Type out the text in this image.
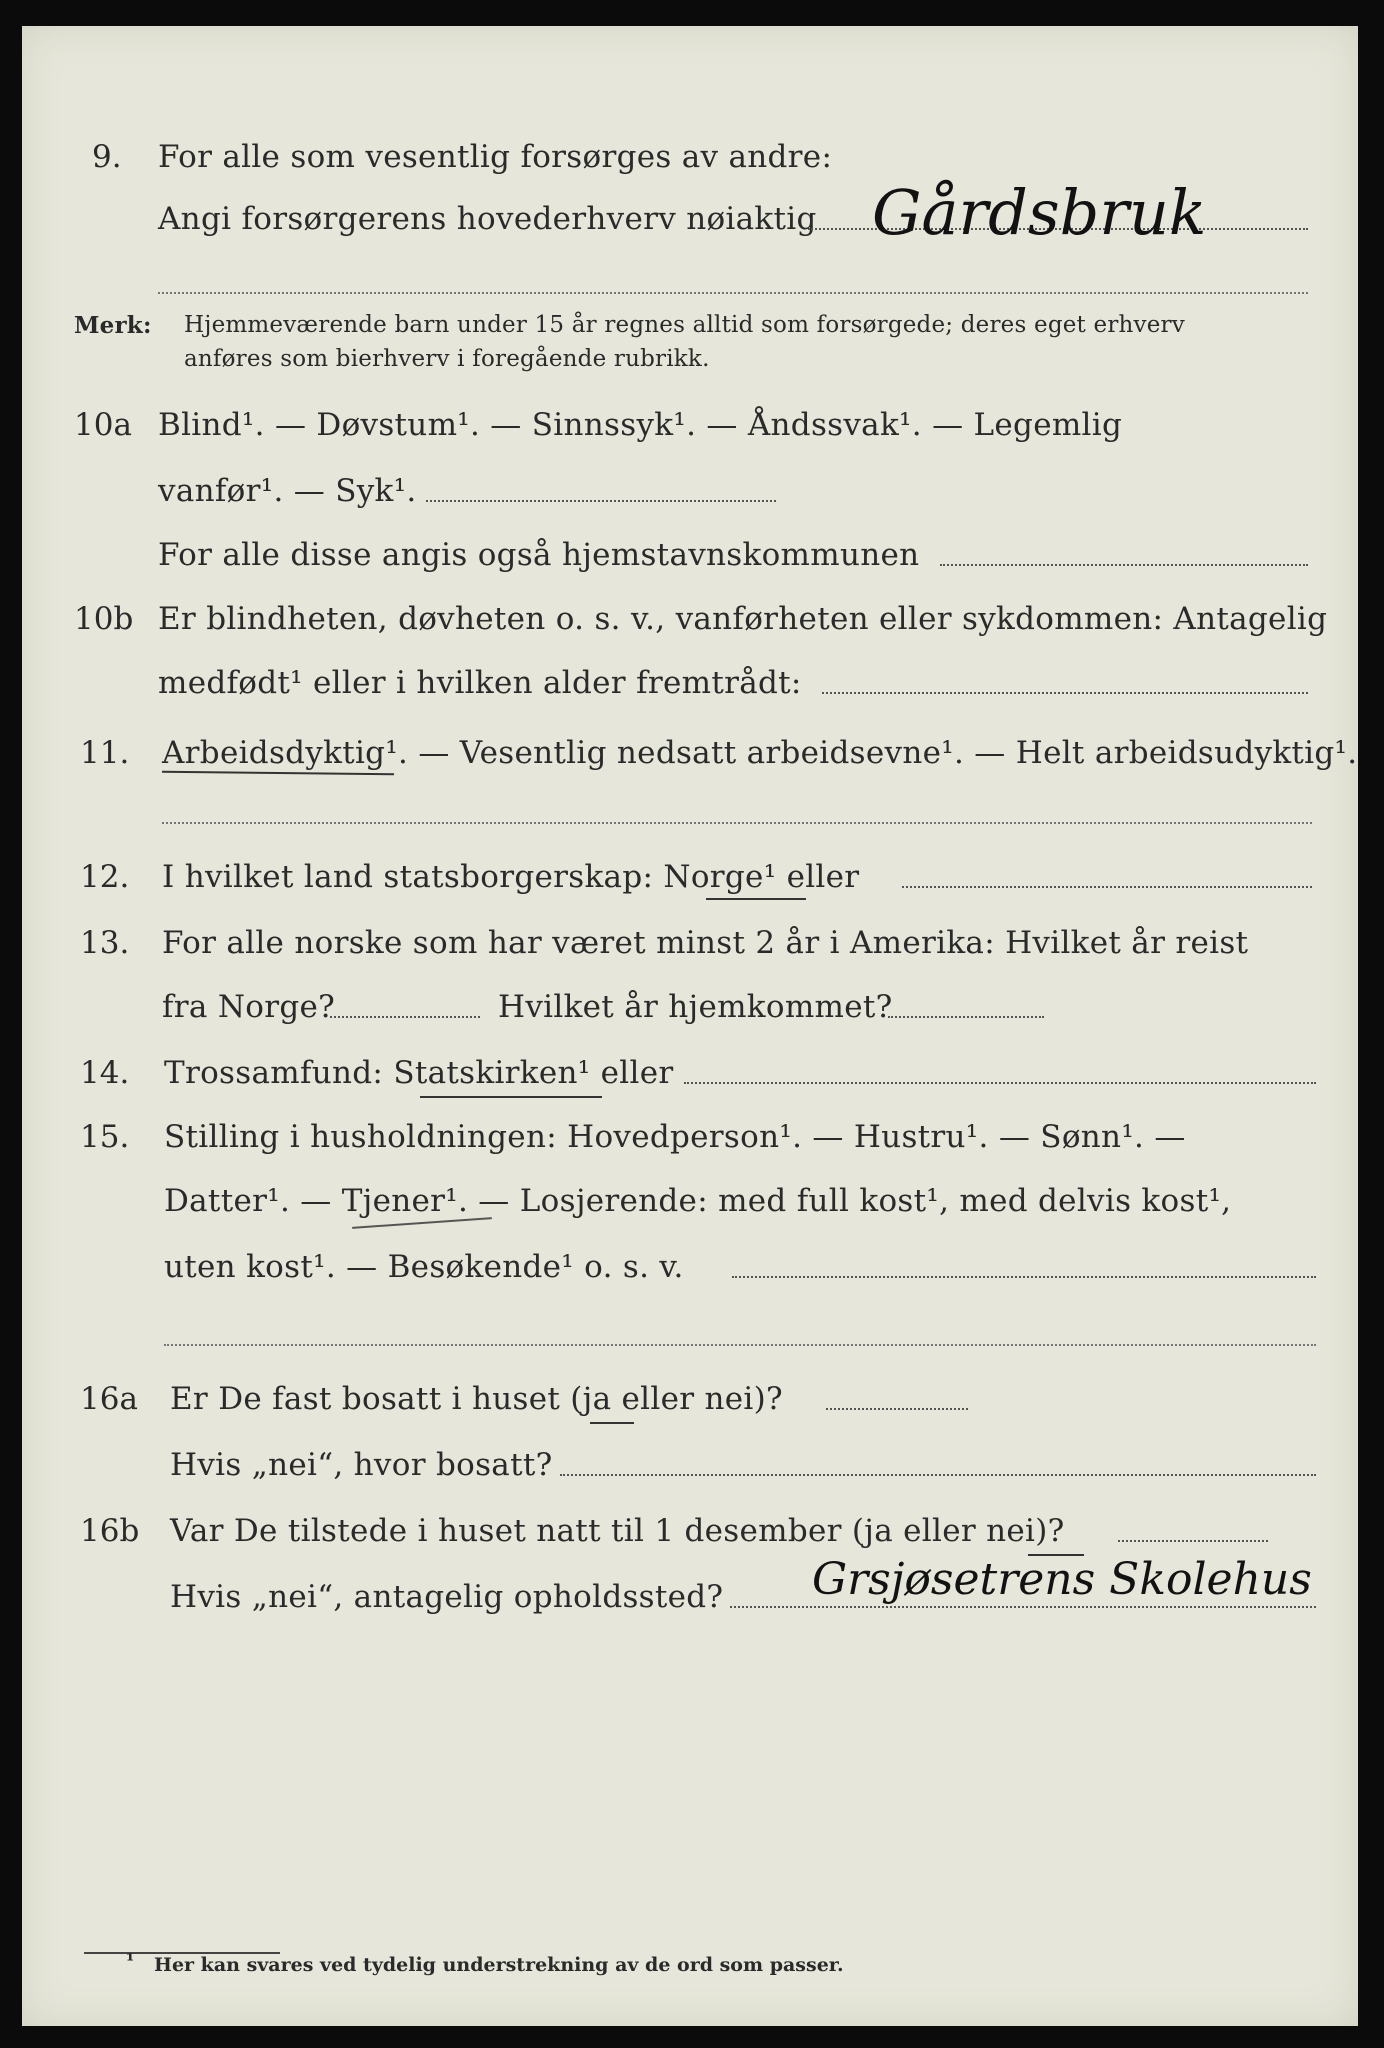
9. For alle som vesentlig forsørges av andre:
Angi forsørgerens hovederhverv nøiaktig Gårdsbruk
Merk: Hjemmeværende barn under 15 år regnes alltid som forsørgede; deres eget erhverv
anføres som bierhverv i foregående rubrikk.
10a Blind¹. — Døvstum¹. — Sinnssyk¹. — Åndssvak¹. — Legemlig
vanfør¹. — Syk¹.
For alle disse angis også hjemstavnskommunen
10b Er blindheten, døvheten o. s. v., vanførheten eller sykdommen: Antagelig
medfødt¹ eller i hvilken alder fremtrådt:
11. Arbeidsdyktig¹. — Vesentlig nedsatt arbeidsevne¹. — Helt arbeidsudyktig¹.
12. I hvilket land statsborgerskap: Norge¹ eller
13. For alle norske som har været minst 2 år i Amerika: Hvilket år reist
fra Norge?	Hvilket år hjemkommet?
14. Trossamfund: Statskirken¹ eller
15. Stilling i husholdningen: Hovedperson¹. — Hustru¹. — Sønn¹. —
Datter¹. — Tjener¹. — Losjerende: med full kost¹, med delvis kost¹,
uten kost¹. — Besøkende¹ o. s. v.
16a Er De fast bosatt i huset (ja eller nei)?
Hvis „nei“, hvor bosatt?
16b Var De tilstede i huset natt til 1 desember (ja eller nei)?
Hvis „nei“, antagelig opholdssted? Grsjøsetrens Skolehus
¹ Her kan svares ved tydelig understrekning av de ord som passer.
